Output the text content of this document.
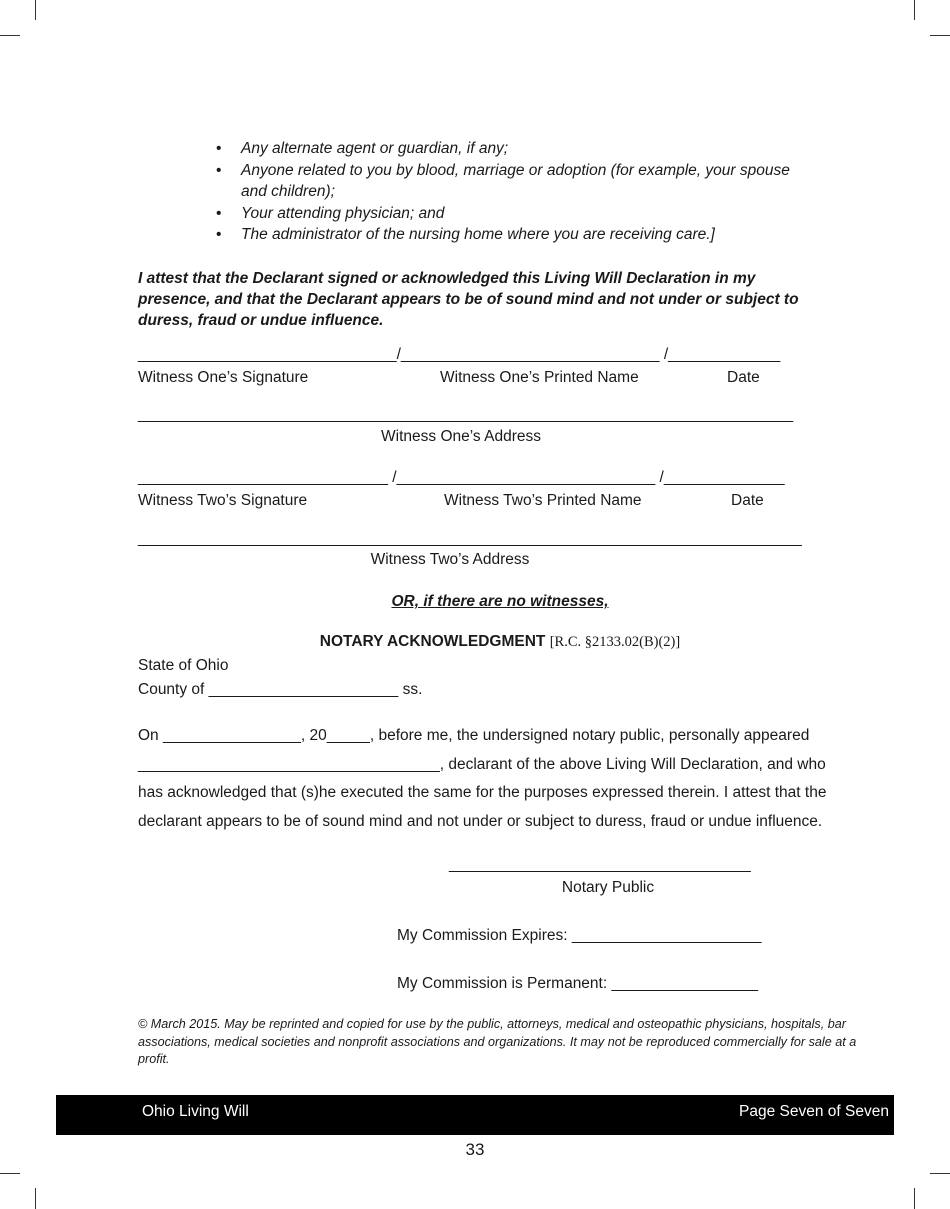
• Any alternate agent or guardian, if any;
• Anyone related to you by blood, marriage or adoption (for example, your spouse and children);
• Your attending physician; and
• The administrator of the nursing home where you are receiving care.]
I attest that the Declarant signed or acknowledged this Living Will Declaration in my presence, and that the Declarant appears to be of sound mind and not under or subject to duress, fraud or undue influence.
______________________________/______________________________ /_____________
Witness One’s Signature	Witness One’s Printed Name	Date
____________________________________________________________________________
Witness One’s Address
_____________________________ /______________________________ /______________
Witness Two’s Signature	Witness Two’s Printed Name	Date
_____________________________________________________________________________
Witness Two’s Address
OR, if there are no witnesses,
NOTARY ACKNOWLEDGMENT [R.C. §2133.02(B)(2)]
State of Ohio
County of ______________________ ss.
On ________________, 20_____, before me, the undersigned notary public, personally appeared
___________________________________, declarant of the above Living Will Declaration, and who
has acknowledged that (s)he executed the same for the purposes expressed therein. I attest that the
declarant appears to be of sound mind and not under or subject to duress, fraud or undue influence.
___________________________________
Notary Public
My Commission Expires: ______________________
My Commission is Permanent: _________________
© March 2015. May be reprinted and copied for use by the public, attorneys, medical and osteopathic physicians, hospitals, bar associations, medical societies and nonprofit associations and organizations. It may not be reproduced commercially for sale at a profit.
Ohio Living Will	Page Seven of Seven
33
